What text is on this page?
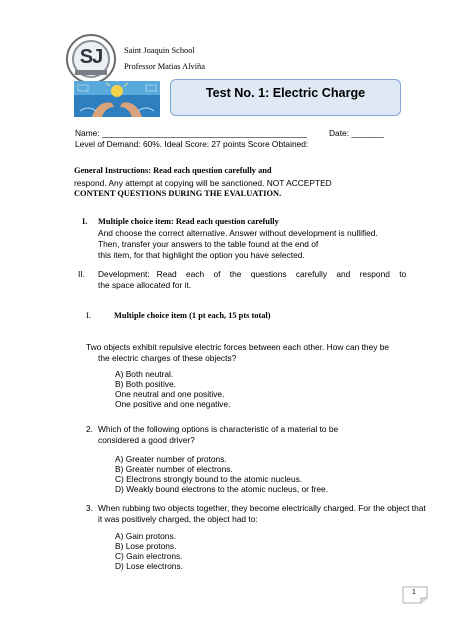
SJ	Saint Joaquin School
Professor Matias Alviña
Test No. 1: Electric Charge
Name: ____________________________________________	Date: _______
Level of Demand: 60%. Ideal Score: 27 points Score Obtained:
General Instructions: Read each question carefully and
respond. Any attempt at copying will be sanctioned. NOT ACCEPTED
CONTENT QUESTIONS DURING THE EVALUATION.
I. Multiple choice item: Read each question carefully
And choose the correct alternative. Answer without development is nullified.
Then, transfer your answers to the table found at the end of
this item, for that highlight the option you have selected.
II. Development:   Read    each    of    the    questions    carefully    and    respond    to
the space allocated for it.
I.	Multiple choice item (1 pt each, 15 pts total)
Two objects exhibit repulsive electric forces between each other. How can they be
the electric charges of these objects?
A) Both neutral.
B) Both positive.
One neutral and one positive.
One positive and one negative.
2. Which of the following options is characteristic of a material to be
considered a good driver?
A) Greater number of protons.
B) Greater number of electrons.
C) Electrons strongly bound to the atomic nucleus.
D) Weakly bound electrons to the atomic nucleus, or free.
3. When rubbing two objects together, they become electrically charged. For the object that
it was positively charged, the object had to:
A) Gain protons.
B) Lose protons.
C) Gain electrons.
D) Lose electrons.
1
